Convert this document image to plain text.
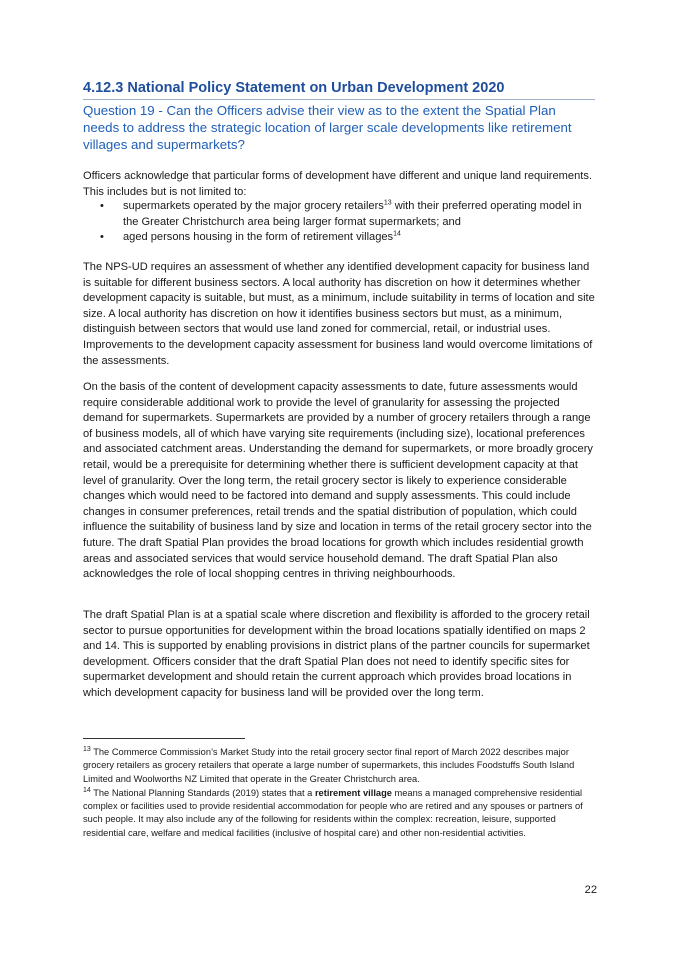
4.12.3 National Policy Statement on Urban Development 2020

Question 19 - Can the Officers advise their view as to the extent the Spatial Plan needs to address the strategic location of larger scale developments like retirement villages and supermarkets?

Officers acknowledge that particular forms of development have different and unique land requirements. This includes but is not limited to:

• supermarkets operated by the major grocery retailers$^{13}$ with their preferred operating model in the Greater Christchurch area being larger format supermarkets; and
• aged persons housing in the form of retirement villages$^{14}$

The NPS-UD requires an assessment of whether any identified development capacity for business land is suitable for different business sectors. A local authority has discretion on how it determines whether development capacity is suitable, but must, as a minimum, include suitability in terms of location and site size. A local authority has discretion on how it identifies business sectors but must, as a minimum, distinguish between sectors that would use land zoned for commercial, retail, or industrial uses. Improvements to the development capacity assessment for business land would overcome limitations of the assessments.

On the basis of the content of development capacity assessments to date, future assessments would require considerable additional work to provide the level of granularity for assessing the projected demand for supermarkets. Supermarkets are provided by a number of grocery retailers through a range of business models, all of which have varying site requirements (including size), locational preferences and associated catchment areas. Understanding the demand for supermarkets, or more broadly grocery retail, would be a prerequisite for determining whether there is sufficient development capacity at that level of granularity. Over the long term, the retail grocery sector is likely to experience considerable changes which would need to be factored into demand and supply assessments. This could include changes in consumer preferences, retail trends and the spatial distribution of population, which could influence the suitability of business land by size and location in terms of the retail grocery sector into the future. The draft Spatial Plan provides the broad locations for growth which includes residential growth areas and associated services that would service household demand. The draft Spatial Plan also acknowledges the role of local shopping centres in thriving neighbourhoods.

The draft Spatial Plan is at a spatial scale where discretion and flexibility is afforded to the grocery retail sector to pursue opportunities for development within the broad locations spatially identified on maps 2 and 14. This is supported by enabling provisions in district plans of the partner councils for supermarket development. Officers consider that the draft Spatial Plan does not need to identify specific sites for supermarket development and should retain the current approach which provides broad locations in which development capacity for business land will be provided over the long term.

$^{13}$ The Commerce Commission’s Market Study into the retail grocery sector final report of March 2022 describes major grocery retailers as grocery retailers that operate a large number of supermarkets, this includes Foodstuffs South Island Limited and Woolworths NZ Limited that operate in the Greater Christchurch area.

$^{14}$ The National Planning Standards (2019) states that a retirement village means a managed comprehensive residential complex or facilities used to provide residential accommodation for people who are retired and any spouses or partners of such people. It may also include any of the following for residents within the complex: recreation, leisure, supported residential care, welfare and medical facilities (inclusive of hospital care) and other non-residential activities.

22
